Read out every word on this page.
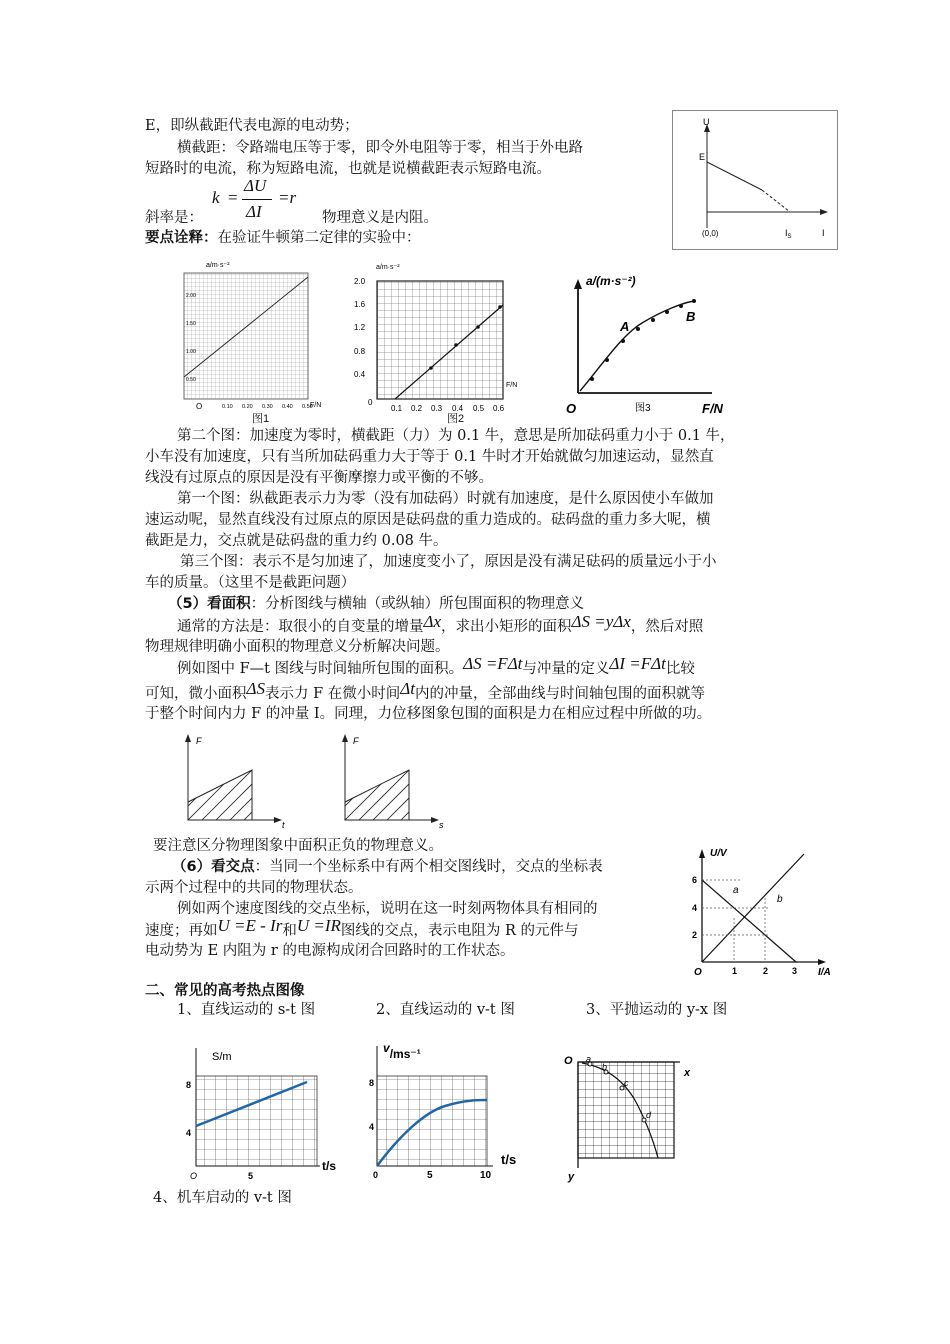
E，即纵截距代表电源的电动势；
横截距：令路端电压等于零，即令外电阻等于零，相当于外电路
短路时的电流，称为短路电流，也就是说横截距表示短路电流。
斜率是：
k =
ΔU
ΔI
=r
物理意义是内阻。
要点诠释：在验证牛顿第二定律的实验中：
U
E
(0,0)	$I_S$	I
a/m·s⁻²
F/N
O
2.00
1.50
1.00
0.50
0.10 0.20 0.30 0.40 0.50
图1
a/m·s⁻²
F/N
0
2.0
1.6
1.2
0.8
0.4
0.1 0.2 0.3 0.4 0.5 0.6
图2
a/(m·s⁻²)
A
B
O	F/N
图3
第二个图：加速度为零时，横截距（力）为 0.1 牛，意思是所加砝码重力小于 0.1 牛，
小车没有加速度，只有当所加砝码重力大于等于 0.1 牛时才开始就做匀加速运动，显然直
线没有过原点的原因是没有平衡摩擦力或平衡的不够。
第一个图：纵截距表示力为零（没有加砝码）时就有加速度，是什么原因使小车做加
速运动呢，显然直线没有过原点的原因是砝码盘的重力造成的。砝码盘的重力多大呢，横
截距是力，交点就是砝码盘的重力约 0.08 牛。
第三个图：表示不是匀加速了，加速度变小了，原因是没有满足砝码的质量远小于小
车的质量。（这里不是截距问题）
（5）看面积：分析图线与横轴（或纵轴）所包围面积的物理意义
通常的方法是：取很小的自变量的增量Δx，求出小矩形的面积ΔS =yΔx，然后对照
物理规律明确小面积的物理意义分析解决问题。
例如图中 F—t 图线与时间轴所包围的面积。ΔS =FΔt与冲量的定义ΔI =FΔt比较
可知，微小面积ΔS表示力 F 在微小时间Δt内的冲量，全部曲线与时间轴包围的面积就等
于整个时间内力 F 的冲量 I。同理，力位移图象包围的面积是力在相应过程中所做的功。
F
t
F
s
要注意区分物理图象中面积正负的物理意义。
（6）看交点：当同一个坐标系中有两个相交图线时，交点的坐标表
示两个过程中的共同的物理状态。
例如两个速度图线的交点坐标，说明在这一时刻两物体具有相同的
速度；再如U =E - Ir和U =IR图线的交点，表示电阻为 R 的元件与
电动势为 E 内阻为 r 的电源构成闭合回路时的工作状态。
U/V
a
b
6
4
2
O	1	2	3 I/A
二、常见的高考热点图像
1、直线运动的 s-t 图	2、直线运动的 v-t 图	3、平抛运动的 y-x 图
S/m
8
4
O	5
t/s
v/ms⁻¹
8
4
0	5	10
t/s
a
b
c
d
O
x
y
4、机车启动的 v-t 图
